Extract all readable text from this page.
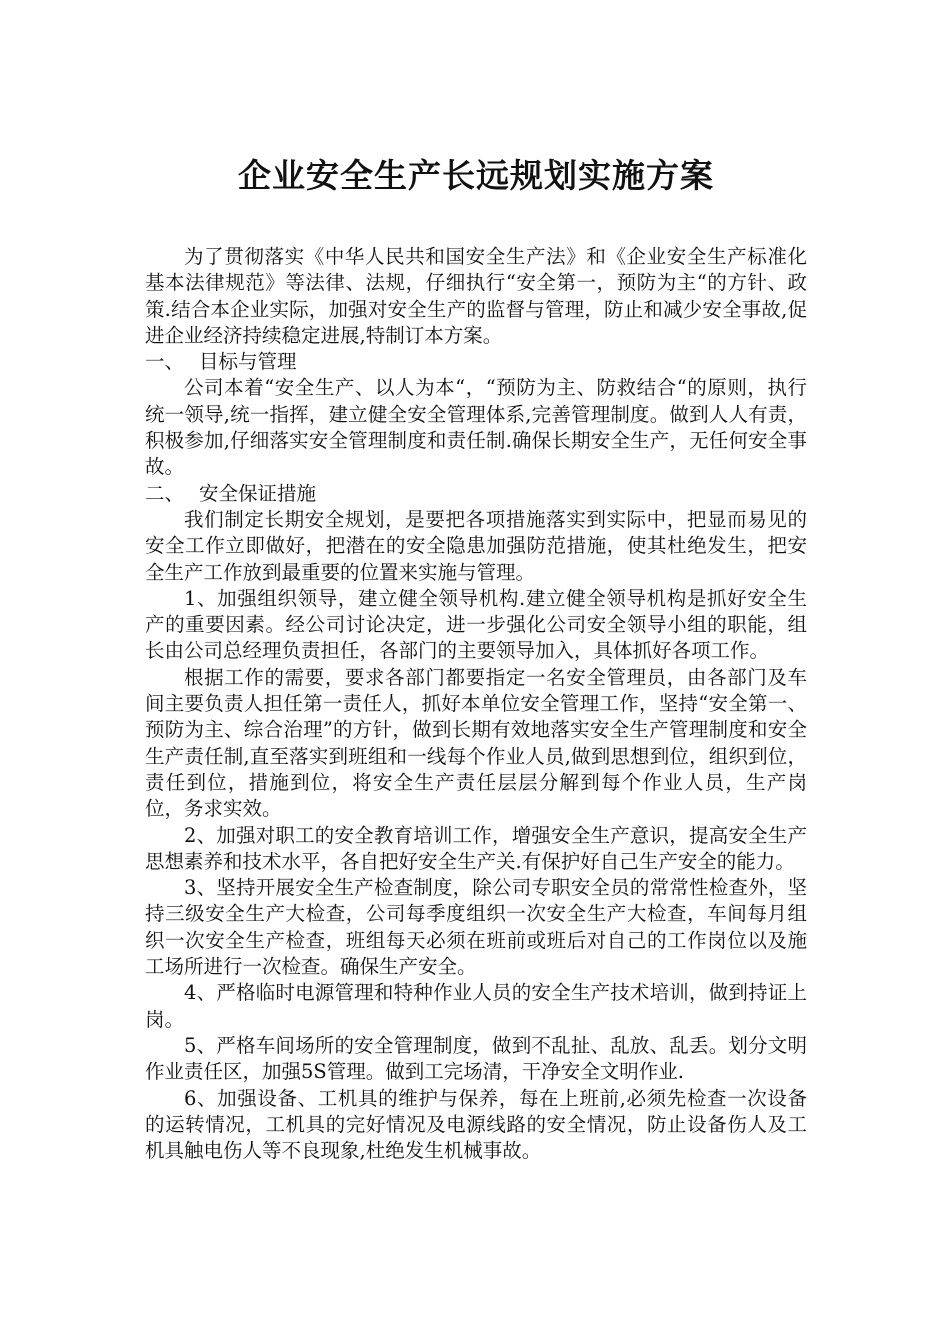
企业安全生产长远规划实施方案

为了贯彻落实《中华人民共和国安全生产法》和《企业安全生产标准化基本法律规范》等法律、法规，仔细执行“安全第一，预防为主“的方针、政策.结合本企业实际，加强对安全生产的监督与管理，防止和减少安全事故,促进企业经济持续稳定进展,特制订本方案。

一、 目标与管理

公司本着“安全生产、以人为本“，“预防为主、防救结合“的原则，执行统一领导,统一指挥，建立健全安全管理体系,完善管理制度。做到人人有责，积极参加,仔细落实安全管理制度和责任制.确保长期安全生产，无任何安全事故。

二、 安全保证措施

我们制定长期安全规划，是要把各项措施落实到实际中，把显而易见的安全工作立即做好，把潜在的安全隐患加强防范措施，使其杜绝发生，把安全生产工作放到最重要的位置来实施与管理。

1、加强组织领导，建立健全领导机构.建立健全领导机构是抓好安全生产的重要因素。经公司讨论决定，进一步强化公司安全领导小组的职能，组长由公司总经理负责担任，各部门的主要领导加入，具体抓好各项工作。

根据工作的需要，要求各部门都要指定一名安全管理员，由各部门及车间主要负责人担任第一责任人，抓好本单位安全管理工作，坚持“安全第一、预防为主、综合治理”的方针，做到长期有效地落实安全生产管理制度和安全生产责任制,直至落实到班组和一线每个作业人员,做到思想到位，组织到位，责任到位，措施到位，将安全生产责任层层分解到每个作业人员，生产岗位，务求实效。

2、加强对职工的安全教育培训工作，增强安全生产意识，提高安全生产思想素养和技术水平，各自把好安全生产关.有保护好自己生产安全的能力。

3、坚持开展安全生产检查制度，除公司专职安全员的常常性检查外，坚持三级安全生产大检查，公司每季度组织一次安全生产大检查，车间每月组织一次安全生产检查，班组每天必须在班前或班后对自己的工作岗位以及施工场所进行一次检查。确保生产安全。

4、严格临时电源管理和特种作业人员的安全生产技术培训，做到持证上岗。

5、严格车间场所的安全管理制度，做到不乱扯、乱放、乱丢。划分文明作业责任区，加强5S管理。做到工完场清，干净安全文明作业.

6、加强设备、工机具的维护与保养，每在上班前,必须先检查一次设备的运转情况，工机具的完好情况及电源线路的安全情况，防止设备伤人及工机具触电伤人等不良现象,杜绝发生机械事故。
